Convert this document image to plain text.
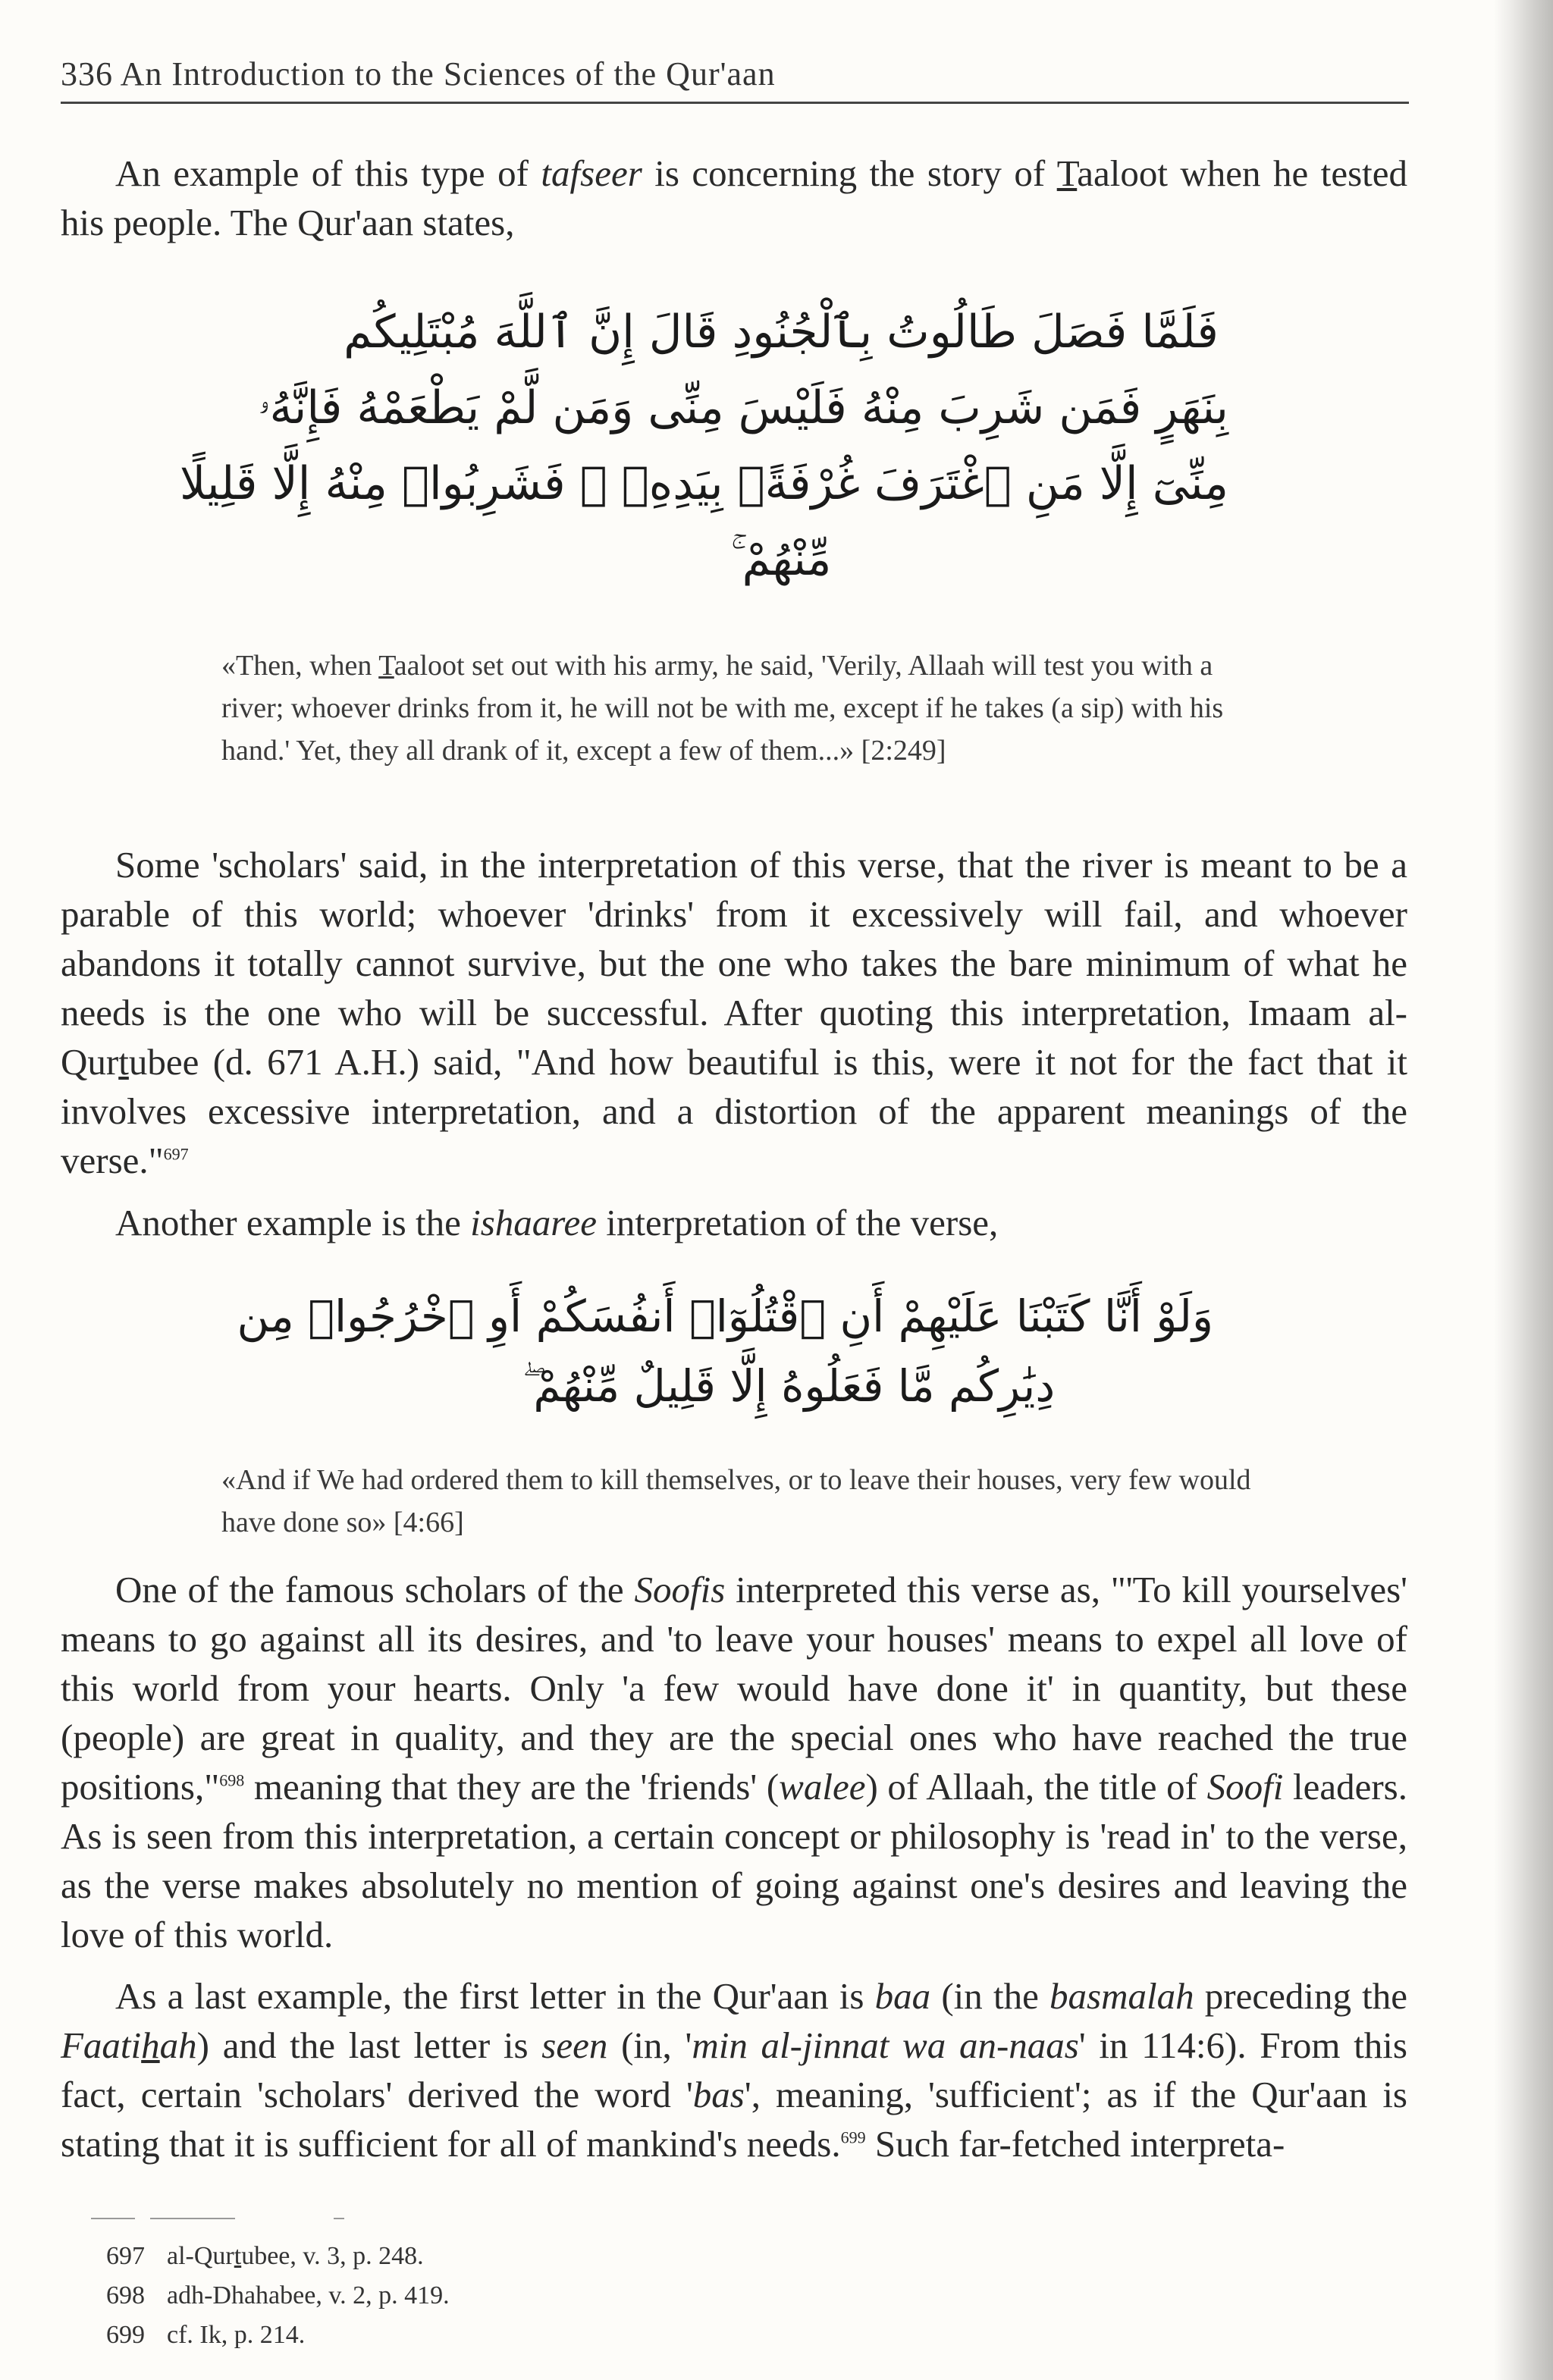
336 An Introduction to the Sciences of the Qur'aan

An example of this type of tafseer is concerning the story of Taaloot when he tested his people. The Qur'aan states,

فَلَمَّا فَصَلَ طَالُوتُ بِٱلْجُنُودِ قَالَ إِنَّ ٱللَّهَ مُبْتَلِيكُم
بِنَهَرٍ فَمَن شَرِبَ مِنْهُ فَلَيْسَ مِنِّى وَمَن لَّمْ يَطْعَمْهُ فَإِنَّهُۥ
مِنِّىٓ إِلَّا مَنِ ٱغْتَرَفَ غُرْفَةًۢ بِيَدِهِۦ ۚ فَشَرِبُوا۟ مِنْهُ إِلَّا قَلِيلًا
مِّنْهُمْ ۚ
«Then, when Taaloot set out with his army, he said, 'Verily, Allaah will test you with a river; whoever drinks from it, he will not be with me, except if he takes (a sip) with his hand.' Yet, they all drank of it, except a few of them...» [2:249]

Some 'scholars' said, in the interpretation of this verse, that the river is meant to be a parable of this world; whoever 'drinks' from it excessively will fail, and whoever abandons it totally cannot survive, but the one who takes the bare minimum of what he needs is the one who will be successful. After quoting this interpretation, Imaam al-Qurtubee (d. 671 A.H.) said, "And how beautiful is this, were it not for the fact that it involves excessive interpretation, and a distortion of the apparent meanings of the verse."$^{697}$

Another example is the ishaaree interpretation of the verse,

وَلَوْ أَنَّا كَتَبْنَا عَلَيْهِمْ أَنِ ٱقْتُلُوٓا۟ أَنفُسَكُمْ أَوِ ٱخْرُجُوا۟ مِن
دِيَٰرِكُم مَّا فَعَلُوهُ إِلَّا قَلِيلٌ مِّنْهُمْ ۖ
«And if We had ordered them to kill themselves, or to leave their houses, very few would have done so» [4:66]

One of the famous scholars of the Soofis interpreted this verse as, "'To kill yourselves' means to go against all its desires, and 'to leave your houses' means to expel all love of this world from your hearts. Only 'a few would have done it' in quantity, but these (people) are great in quality, and they are the special ones who have reached the true positions,"$^{698}$ meaning that they are the 'friends' (walee) of Allaah, the title of Soofi leaders. As is seen from this interpretation, a certain concept or philosophy is 'read in' to the verse, as the verse makes absolutely no mention of going against one's desires and leaving the love of this world.

As a last example, the first letter in the Qur'aan is baa (in the basmalah preceding the Faatihah) and the last letter is seen (in, 'min al-jinnat wa an-naas' in 114:6). From this fact, certain 'scholars' derived the word 'bas', meaning, 'sufficient'; as if the Qur'aan is stating that it is sufficient for all of mankind's needs.$^{699}$ Such far-fetched interpreta-

697 al-Qurtubee, v. 3, p. 248.
698 adh-Dhahabee, v. 2, p. 419.
699 cf. Ik, p. 214.
